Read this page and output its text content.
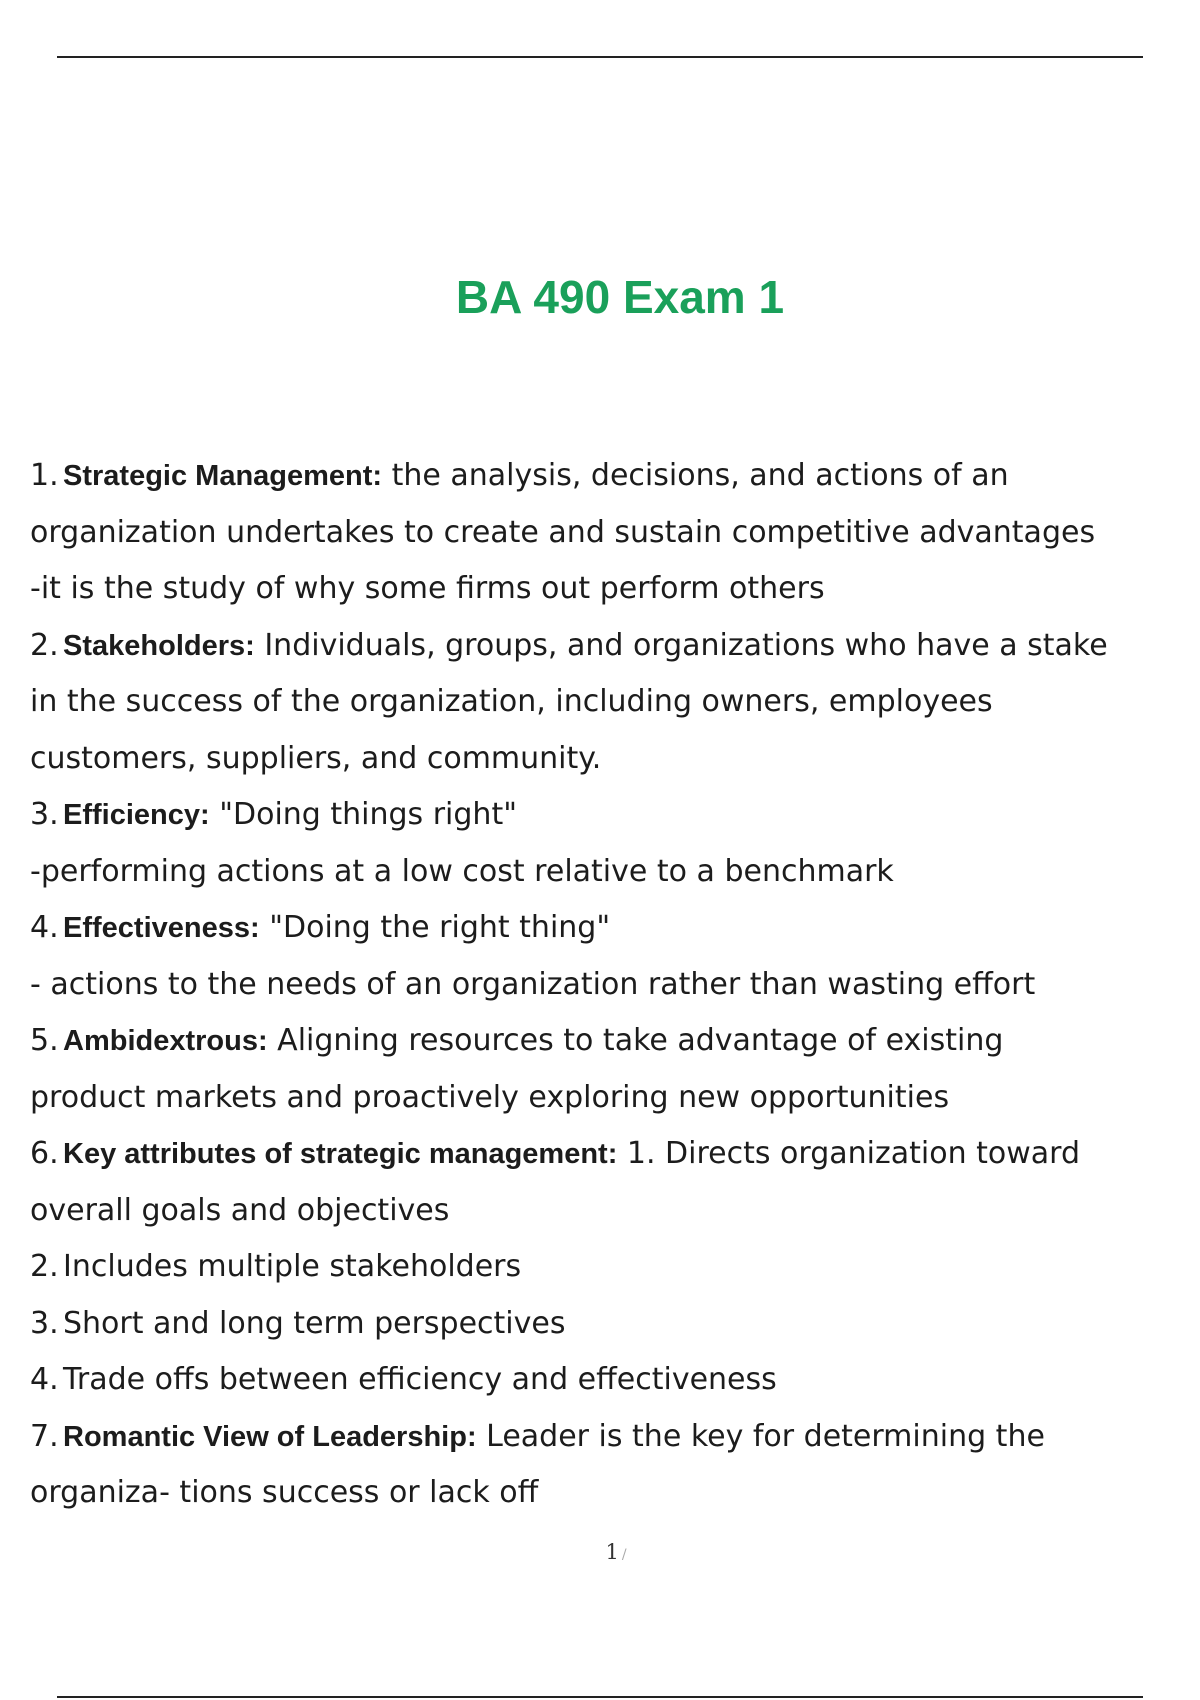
BA 490 Exam 1
1. Strategic Management: the analysis, decisions, and actions of an
organization undertakes to create and sustain competitive advantages
-it is the study of why some firms out perform others
2. Stakeholders: Individuals, groups, and organizations who have a stake
in the success of the organization, including owners, employees
customers, suppliers, and community.
3. Efficiency: "Doing things right"
-performing actions at a low cost relative to a benchmark
4. Effectiveness: "Doing the right thing"
- actions to the needs of an organization rather than wasting effort
5. Ambidextrous: Aligning resources to take advantage of existing
product markets and proactively exploring new opportunities
6. Key attributes of strategic management: 1. Directs organization toward
overall goals and objectives
2. Includes multiple stakeholders
3. Short and long term perspectives
4. Trade offs between efficiency and effectiveness
7. Romantic View of Leadership: Leader is the key for determining the
organiza- tions success or lack off
1 /
